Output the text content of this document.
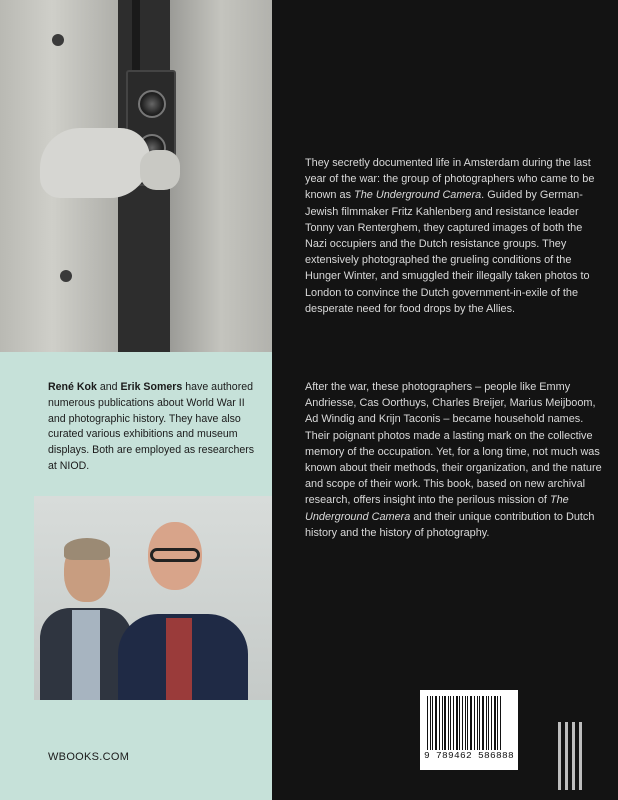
René Kok and Erik Somers have authored numerous publications about World War II and photographic history. They have also curated various exhibitions and museum displays. Both are employed as researchers at NIOD.

WBOOKS.COM

They secretly documented life in Amsterdam during the last year of the war: the group of photographers who came to be known as The Underground Camera. Guided by German-Jewish filmmaker Fritz Kahlenberg and resistance leader Tonny van Renterghem, they captured images of both the Nazi occupiers and the Dutch resistance groups. They extensively photographed the grueling conditions of the Hunger Winter, and smuggled their illegally taken photos to London to convince the Dutch government-in-exile of the desperate need for food drops by the Allies.

After the war, these photographers – people like Emmy Andriesse, Cas Oorthuys, Charles Breijer, Marius Meijboom, Ad Windig and Krijn Taconis – became household names. Their poignant photos made a lasting mark on the collective memory of the occupation. Yet, for a long time, not much was known about their methods, their organization, and the nature and scope of their work. This book, based on new archival research, offers insight into the perilous mission of The Underground Camera and their unique contribution to Dutch history and the history of photography.

9 789462 586888
